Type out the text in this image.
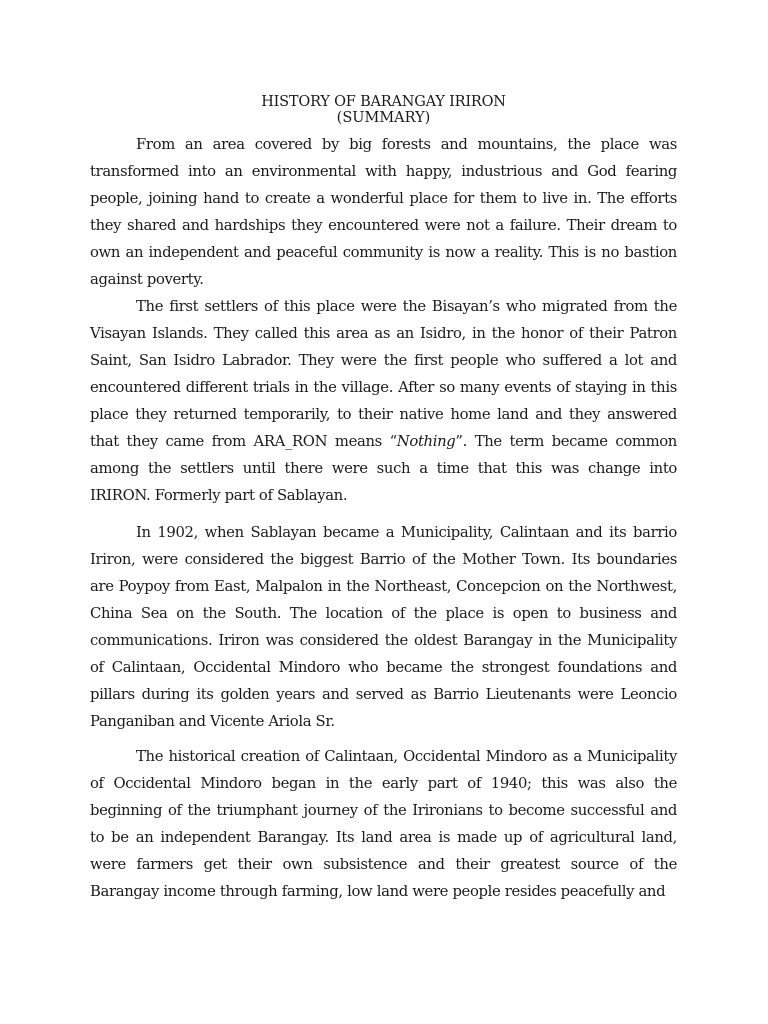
HISTORY OF BARANGAY IRIRON
(SUMMARY)

From an area covered by big forests and mountains, the place was transformed into an environmental with happy, industrious and God fearing people, joining hand to create a wonderful place for them to live in. The efforts they shared and hardships they encountered were not a failure. Their dream to own an independent and peaceful community is now a reality. This is no bastion against poverty.

The first settlers of this place were the Bisayan’s who migrated from the Visayan Islands. They called this area as an Isidro, in the honor of their Patron Saint, San Isidro Labrador. They were the first people who suffered a lot and encountered different trials in the village. After so many events of staying in this place they returned temporarily, to their native home land and they answered that they came from ARA_RON means “Nothing”. The term became common among the settlers until there were such a time that this was change into IRIRON. Formerly part of Sablayan.

In 1902, when Sablayan became a Municipality, Calintaan and its barrio Iriron, were considered the biggest Barrio of the Mother Town. Its boundaries are Poypoy from East, Malpalon in the Northeast, Concepcion on the Northwest, China Sea on the South. The location of the place is open to business and communications. Iriron was considered the oldest Barangay in the Municipality of Calintaan, Occidental Mindoro who became the strongest foundations and pillars during its golden years and served as Barrio Lieutenants were Leoncio Panganiban and Vicente Ariola Sr.

The historical creation of Calintaan, Occidental Mindoro as a Municipality of Occidental Mindoro began in the early part of 1940; this was also the beginning of the triumphant journey of the Irironians to become successful and to be an independent Barangay. Its land area is made up of agricultural land, were farmers get their own subsistence and their greatest source of the Barangay income through farming, low land were people resides peacefully and
